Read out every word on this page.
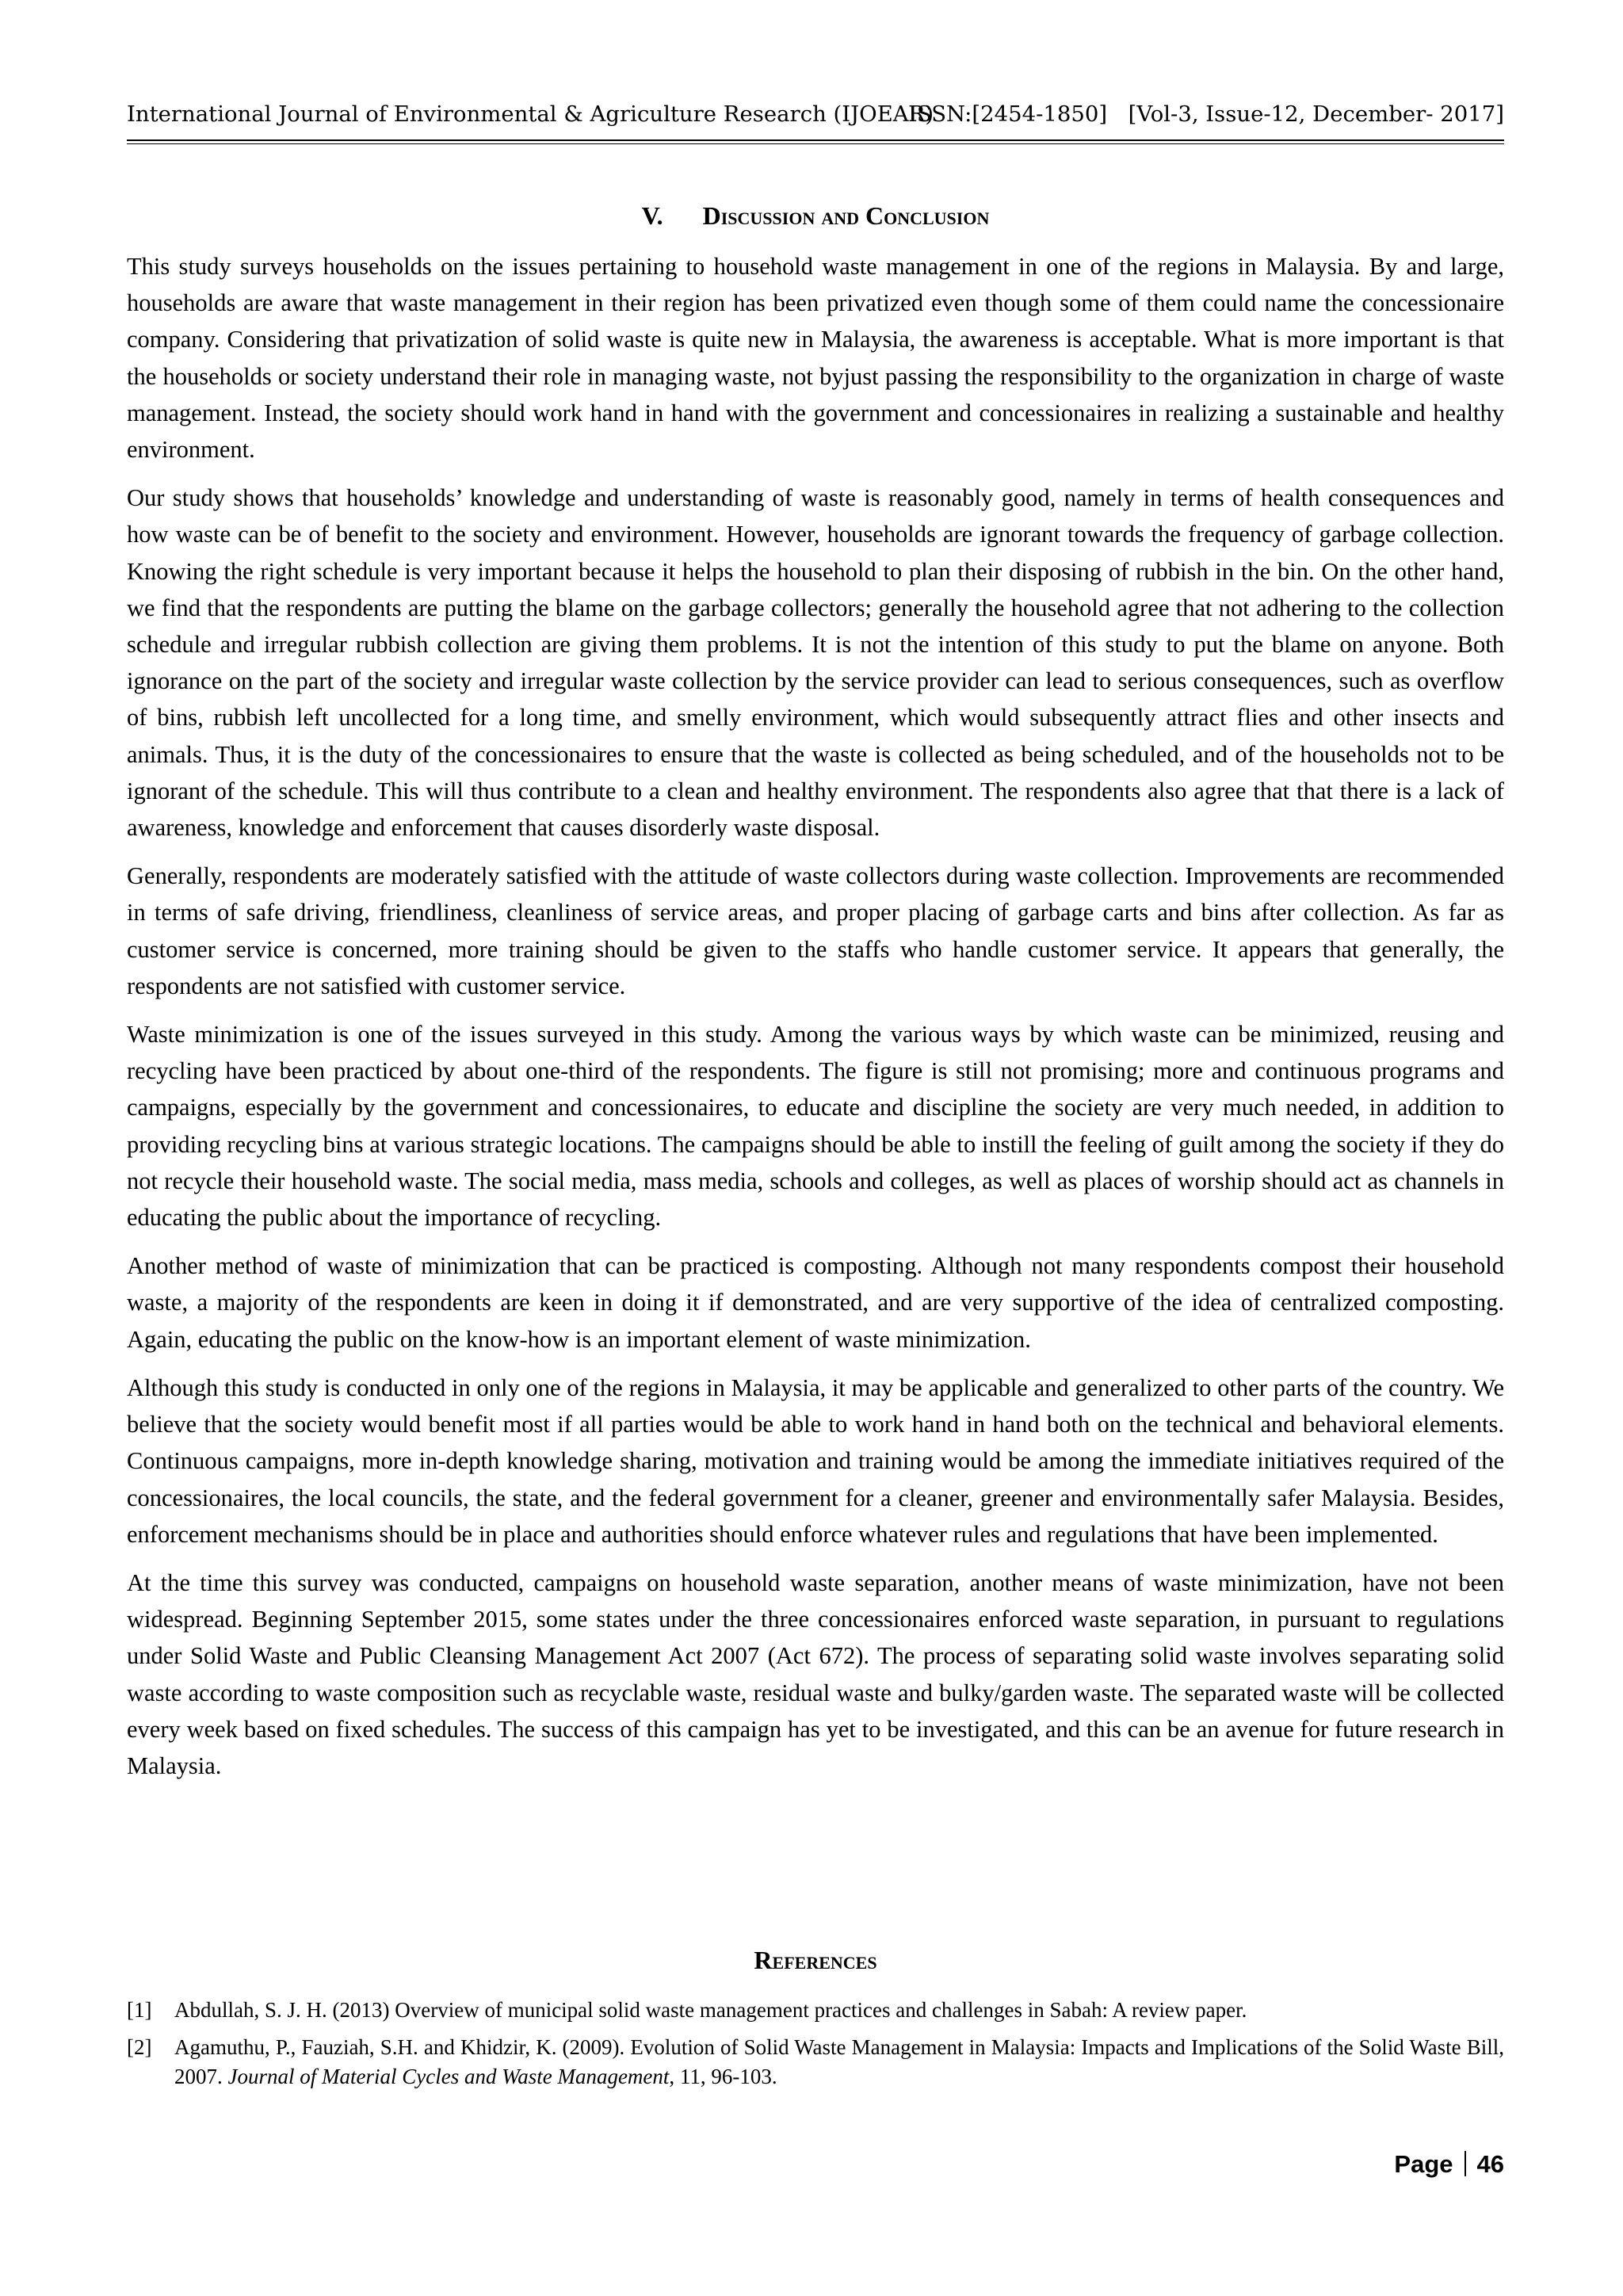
International Journal of Environmental & Agriculture Research (IJOEAR)
ISSN:[2454-1850] [Vol-3, Issue-12, December- 2017]
V. Discussion and Conclusion

This study surveys households on the issues pertaining to household waste management in one of the regions in Malaysia. By and large, households are aware that waste management in their region has been privatized even though some of them could name the concessionaire company. Considering that privatization of solid waste is quite new in Malaysia, the awareness is acceptable. What is more important is that the households or society understand their role in managing waste, not byjust passing the responsibility to the organization in charge of waste management. Instead, the society should work hand in hand with the government and concessionaires in realizing a sustainable and healthy environment.

Our study shows that households’ knowledge and understanding of waste is reasonably good, namely in terms of health consequences and how waste can be of benefit to the society and environment. However, households are ignorant towards the frequency of garbage collection. Knowing the right schedule is very important because it helps the household to plan their disposing of rubbish in the bin. On the other hand, we find that the respondents are putting the blame on the garbage collectors; generally the household agree that not adhering to the collection schedule and irregular rubbish collection are giving them problems. It is not the intention of this study to put the blame on anyone. Both ignorance on the part of the society and irregular waste collection by the service provider can lead to serious consequences, such as overflow of bins, rubbish left uncollected for a long time, and smelly environment, which would subsequently attract flies and other insects and animals. Thus, it is the duty of the concessionaires to ensure that the waste is collected as being scheduled, and of the households not to be ignorant of the schedule. This will thus contribute to a clean and healthy environment. The respondents also agree that that there is a lack of awareness, knowledge and enforcement that causes disorderly waste disposal.

Generally, respondents are moderately satisfied with the attitude of waste collectors during waste collection. Improvements are recommended in terms of safe driving, friendliness, cleanliness of service areas, and proper placing of garbage carts and bins after collection. As far as customer service is concerned, more training should be given to the staffs who handle customer service. It appears that generally, the respondents are not satisfied with customer service.

Waste minimization is one of the issues surveyed in this study. Among the various ways by which waste can be minimized, reusing and recycling have been practiced by about one-third of the respondents. The figure is still not promising; more and continuous programs and campaigns, especially by the government and concessionaires, to educate and discipline the society are very much needed, in addition to providing recycling bins at various strategic locations. The campaigns should be able to instill the feeling of guilt among the society if they do not recycle their household waste. The social media, mass media, schools and colleges, as well as places of worship should act as channels in educating the public about the importance of recycling.

Another method of waste of minimization that can be practiced is composting. Although not many respondents compost their household waste, a majority of the respondents are keen in doing it if demonstrated, and are very supportive of the idea of centralized composting. Again, educating the public on the know-how is an important element of waste minimization.

Although this study is conducted in only one of the regions in Malaysia, it may be applicable and generalized to other parts of the country. We believe that the society would benefit most if all parties would be able to work hand in hand both on the technical and behavioral elements. Continuous campaigns, more in-depth knowledge sharing, motivation and training would be among the immediate initiatives required of the concessionaires, the local councils, the state, and the federal government for a cleaner, greener and environmentally safer Malaysia. Besides, enforcement mechanisms should be in place and authorities should enforce whatever rules and regulations that have been implemented.

At the time this survey was conducted, campaigns on household waste separation, another means of waste minimization, have not been widespread. Beginning September 2015, some states under the three concessionaires enforced waste separation, in pursuant to regulations under Solid Waste and Public Cleansing Management Act 2007 (Act 672). The process of separating solid waste involves separating solid waste according to waste composition such as recyclable waste, residual waste and bulky/garden waste. The separated waste will be collected every week based on fixed schedules. The success of this campaign has yet to be investigated, and this can be an avenue for future research in Malaysia.

References
[1] Abdullah, S. J. H. (2013) Overview of municipal solid waste management practices and challenges in Sabah: A review paper.
[2] Agamuthu, P., Fauziah, S.H. and Khidzir, K. (2009). Evolution of Solid Waste Management in Malaysia: Impacts and Implications of the Solid Waste Bill, 2007. Journal of Material Cycles and Waste Management, 11, 96-103.
Page 46
